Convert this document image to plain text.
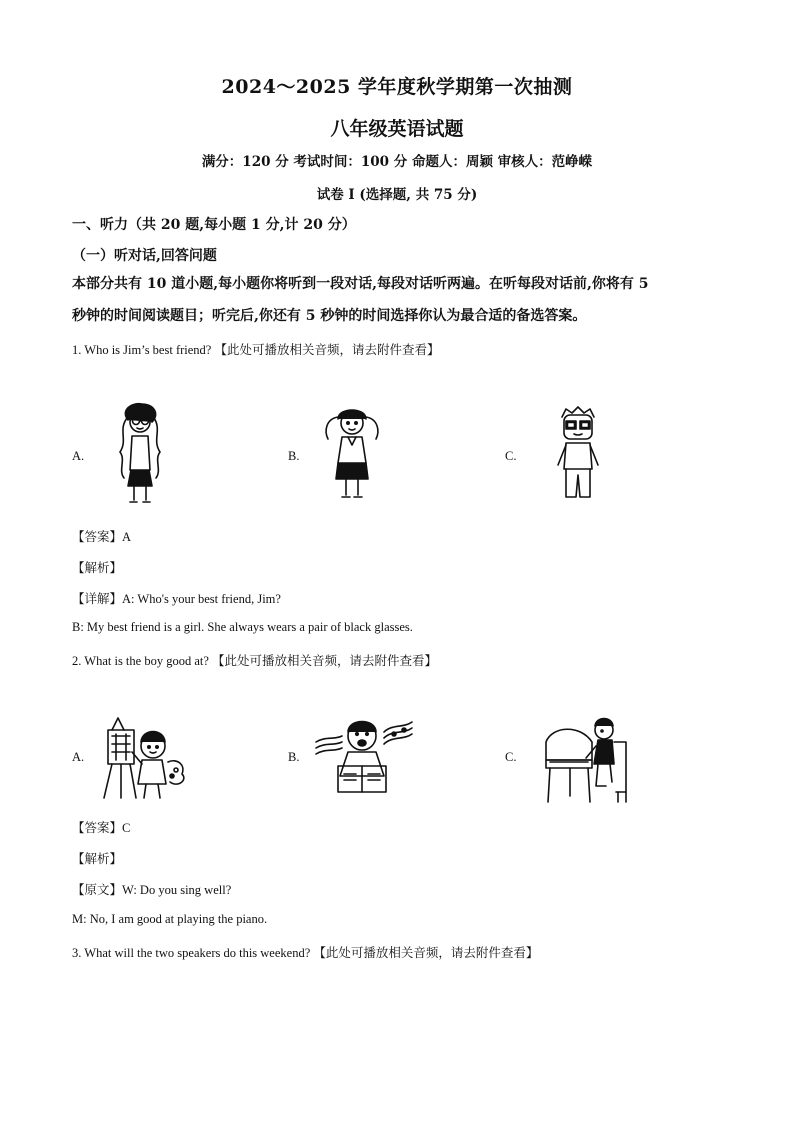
2024～2025 学年度秋学期第一次抽测
八年级英语试题
满分：120 分 考试时间：100 分 命题人：周颖 审核人：范峥嵘
试卷 I (选择题, 共 75 分)
一、听力（共 20 题,每小题 1 分,计 20 分）
（一）听对话,回答问题
本部分共有 10 道小题,每小题你将听到一段对话,每段对话听两遍。在听每段对话前,你将有 5
秒钟的时间阅读题目；听完后,你还有 5 秒钟的时间选择你认为最合适的备选答案。
1. Who is Jim’s best friend? 【此处可播放相关音频，请去附件查看】
A.	B.	C.
【答案】A
【解析】
【详解】A: Who's your best friend, Jim?
B: My best friend is a girl. She always wears a pair of black glasses.
2. What is the boy good at? 【此处可播放相关音频，请去附件查看】
A.	B.	C.
【答案】C
【解析】
【原文】W: Do you sing well?
M: No, I am good at playing the piano.
3. What will the two speakers do this weekend? 【此处可播放相关音频，请去附件查看】
